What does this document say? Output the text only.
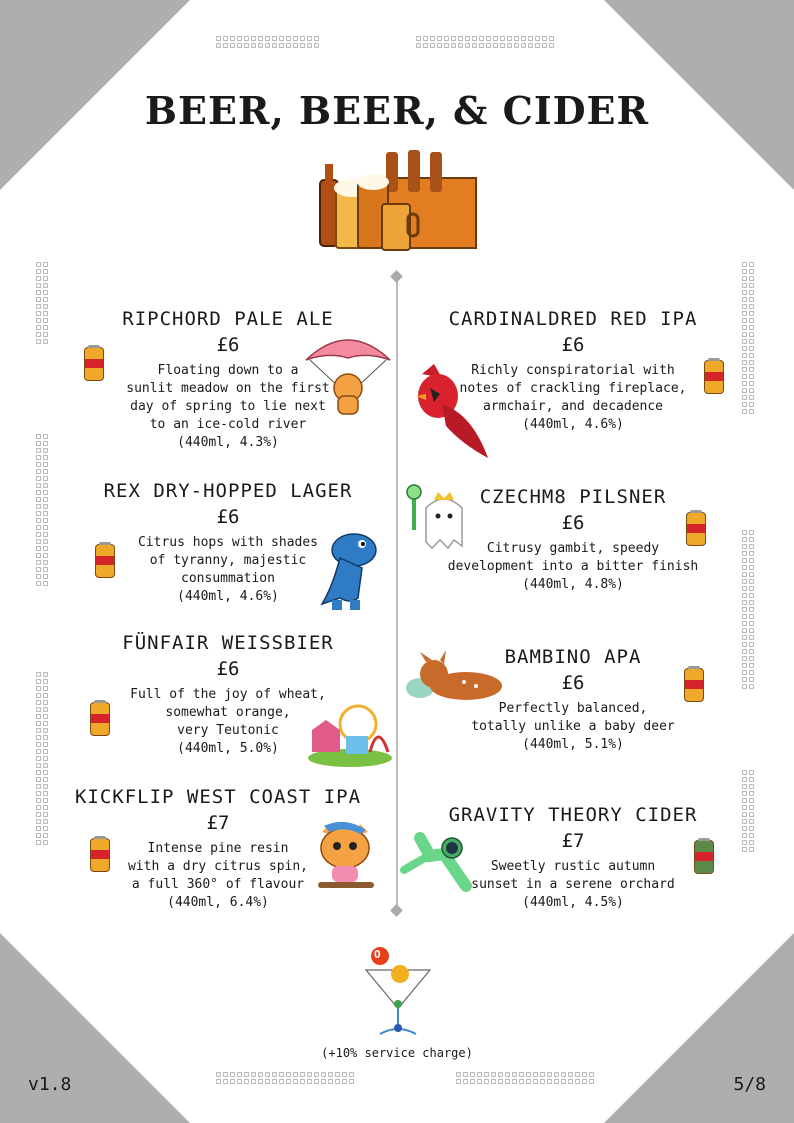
BEER, BEER, & CIDER

RIPCHORD PALE ALE

£6

Floating down to a
sunlit meadow on the first
day of spring to lie next
to an ice-cold river
(440ml, 4.3%)

REX DRY-HOPPED LAGER

£6

Citrus hops with shades
of tyranny, majestic
consummation
(440ml, 4.6%)

FÜNFAIR WEISSBIER

£6

Full of the joy of wheat,
somewhat orange,
very Teutonic
(440ml, 5.0%)

KICKFLIP WEST COAST IPA

£7

Intense pine resin
with a dry citrus spin,
a full 360° of flavour
(440ml, 6.4%)

CARDINALDRED RED IPA

£6

Richly conspiratorial with
notes of crackling fireplace,
armchair, and decadence
(440ml, 4.6%)

CZECHM8 PILSNER

£6

Citrusy gambit, speedy
development into a bitter finish
(440ml, 4.8%)

BAMBINO APA

£6

Perfectly balanced,
totally unlike a baby deer
(440ml, 5.1%)

GRAVITY THEORY CIDER

£7

Sweetly rustic autumn
sunset in a serene orchard
(440ml, 4.5%)

OH
(+10% service charge)
v1.8	5/8
